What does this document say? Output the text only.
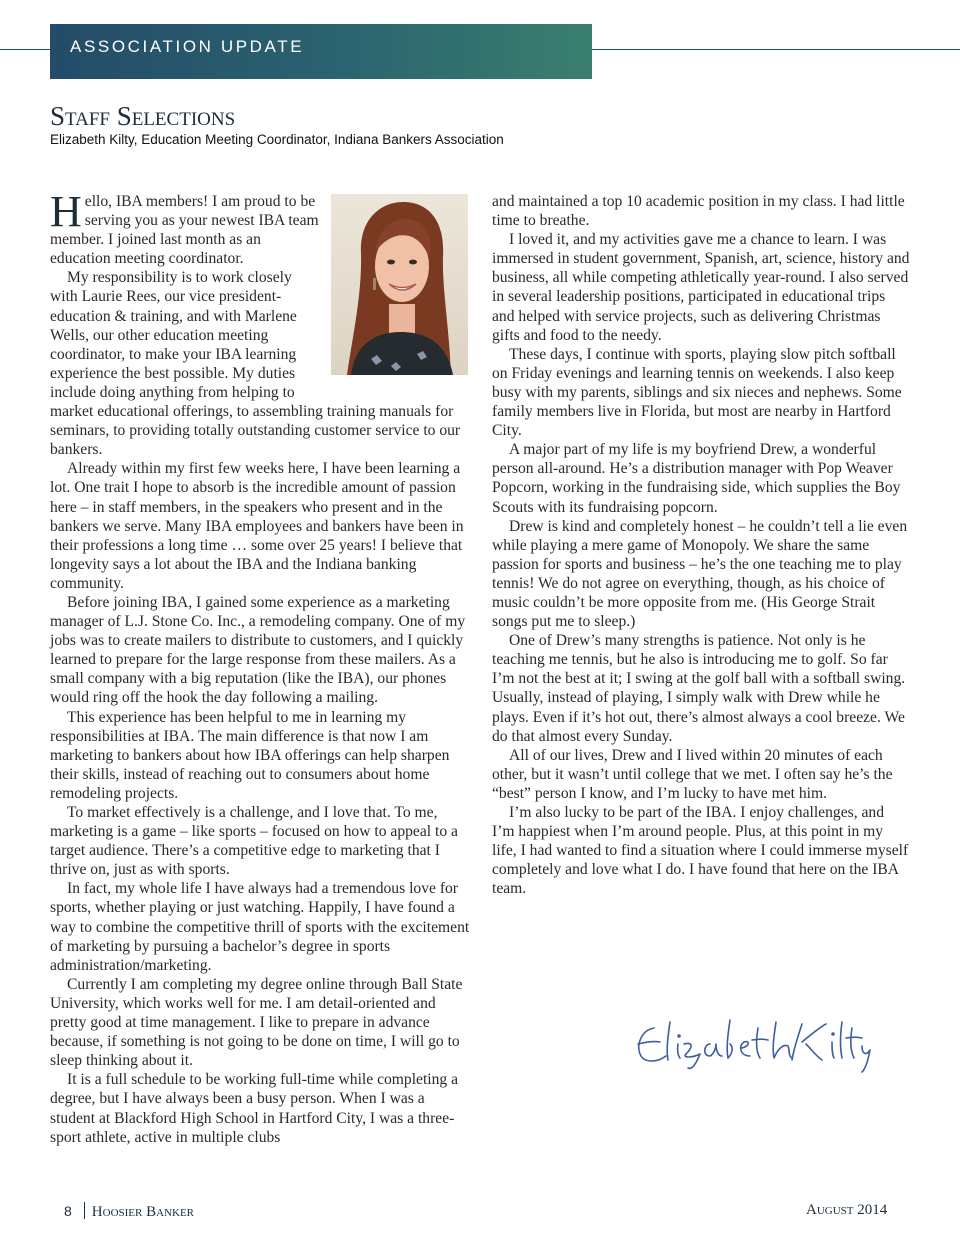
ASSOCIATION UPDATE
Staff Selections

Elizabeth Kilty, Education Meeting Coordinator, Indiana Bankers Association

Hello, IBA members! I am proud to be serving you as your newest IBA team member. I joined last month as an education meeting coordinator.

My responsibility is to work closely with Laurie Rees, our vice president-education & training, and with Marlene Wells, our other education meeting coordinator, to make your IBA learning experience the best possible. My duties include doing anything from helping to market educational offerings, to assembling training manuals for seminars, to providing totally outstanding customer service to our bankers.

Already within my first few weeks here, I have been learning a lot. One trait I hope to absorb is the incredible amount of passion here – in staff members, in the speakers who present and in the bankers we serve. Many IBA employees and bankers have been in their professions a long time … some over 25 years! I believe that longevity says a lot about the IBA and the Indiana banking community.

Before joining IBA, I gained some experience as a marketing manager of L.J. Stone Co. Inc., a remodeling company. One of my jobs was to create mailers to distribute to customers, and I quickly learned to prepare for the large response from these mailers. As a small company with a big reputation (like the IBA), our phones would ring off the hook the day following a mailing.

This experience has been helpful to me in learning my responsibilities at IBA. The main difference is that now I am marketing to bankers about how IBA offerings can help sharpen their skills, instead of reaching out to consumers about home remodeling projects.

To market effectively is a challenge, and I love that. To me, marketing is a game – like sports – focused on how to appeal to a target audience. There’s a competitive edge to marketing that I thrive on, just as with sports.

In fact, my whole life I have always had a tremendous love for sports, whether playing or just watching. Happily, I have found a way to combine the competitive thrill of sports with the excitement of marketing by pursuing a bachelor’s degree in sports administration/marketing.

Currently I am completing my degree online through Ball State University, which works well for me. I am detail-oriented and pretty good at time management. I like to prepare in advance because, if something is not going to be done on time, I will go to sleep thinking about it.

It is a full schedule to be working full-time while completing a degree, but I have always been a busy person. When I was a student at Blackford High School in Hartford City, I was a three-sport athlete, active in multiple clubs

and maintained a top 10 academic position in my class. I had little time to breathe.

I loved it, and my activities gave me a chance to learn. I was immersed in student government, Spanish, art, science, history and business, all while competing athletically year-round. I also served in several leadership positions, participated in educational trips and helped with service projects, such as delivering Christmas gifts and food to the needy.

These days, I continue with sports, playing slow pitch softball on Friday evenings and learning tennis on weekends. I also keep busy with my parents, siblings and six nieces and nephews. Some family members live in Florida, but most are nearby in Hartford City.

A major part of my life is my boyfriend Drew, a wonderful person all-around. He’s a distribution manager with Pop Weaver Popcorn, working in the fundraising side, which supplies the Boy Scouts with its fundraising popcorn.

Drew is kind and completely honest – he couldn’t tell a lie even while playing a mere game of Monopoly. We share the same passion for sports and business – he’s the one teaching me to play tennis! We do not agree on everything, though, as his choice of music couldn’t be more opposite from me. (His George Strait songs put me to sleep.)

One of Drew’s many strengths is patience. Not only is he teaching me tennis, but he also is introducing me to golf. So far I’m not the best at it; I swing at the golf ball with a softball swing. Usually, instead of playing, I simply walk with Drew while he plays. Even if it’s hot out, there’s almost always a cool breeze. We do that almost every Sunday.

All of our lives, Drew and I lived within 20 minutes of each other, but it wasn’t until college that we met. I often say he’s the “best” person I know, and I’m lucky to have met him.

I’m also lucky to be part of the IBA. I enjoy challenges, and I’m happiest when I’m around people. Plus, at this point in my life, I had wanted to find a situation where I could immerse myself completely and love what I do. I have found that here on the IBA team.

8 Hoosier Banker	August 2014
